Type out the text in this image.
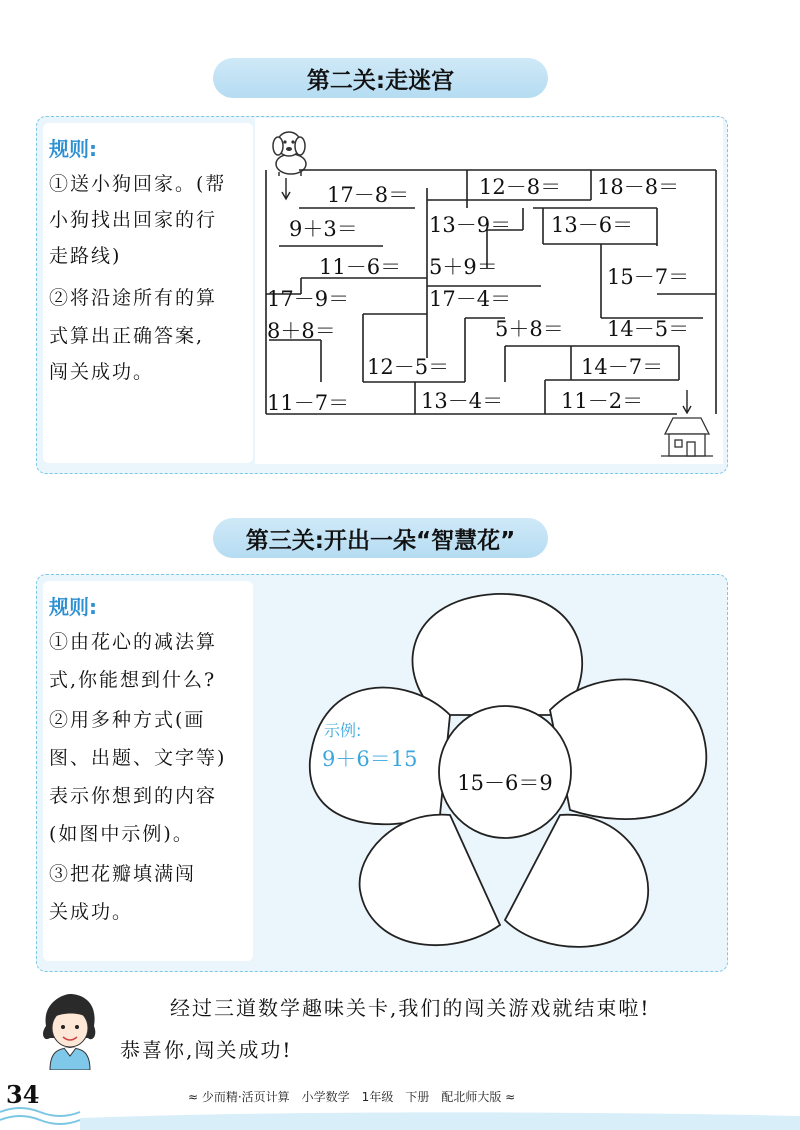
第二关:走迷宫
规则:
①送小狗回家。(帮
小狗找出回家的行
走路线)
②将沿途所有的算
式算出正确答案,
闯关成功。
17－8＝	12－8＝ 18－8＝
9＋3＝	13－9＝ 13－6＝
11－6＝ 5＋9＝	15－7＝
17－9＝	17－4＝
8＋8＝	5＋8＝ 14－5＝
12－5＝	14－7＝
11－7＝	13－4＝	11－2＝
第三关:开出一朵“智慧花”
规则:
①由花心的减法算
式,你能想到什么?
②用多种方式(画
图、出题、文字等)
表示你想到的内容
(如图中示例)。
③把花瓣填满闯
关成功。
15－6＝9
示例:
9＋6＝15
经过三道数学趣味关卡,我们的闯关游戏就结束啦!
恭喜你,闯关成功!
34	≈ 少而精·活页计算　小学数学　1年级　下册　配北师大版 ≈
